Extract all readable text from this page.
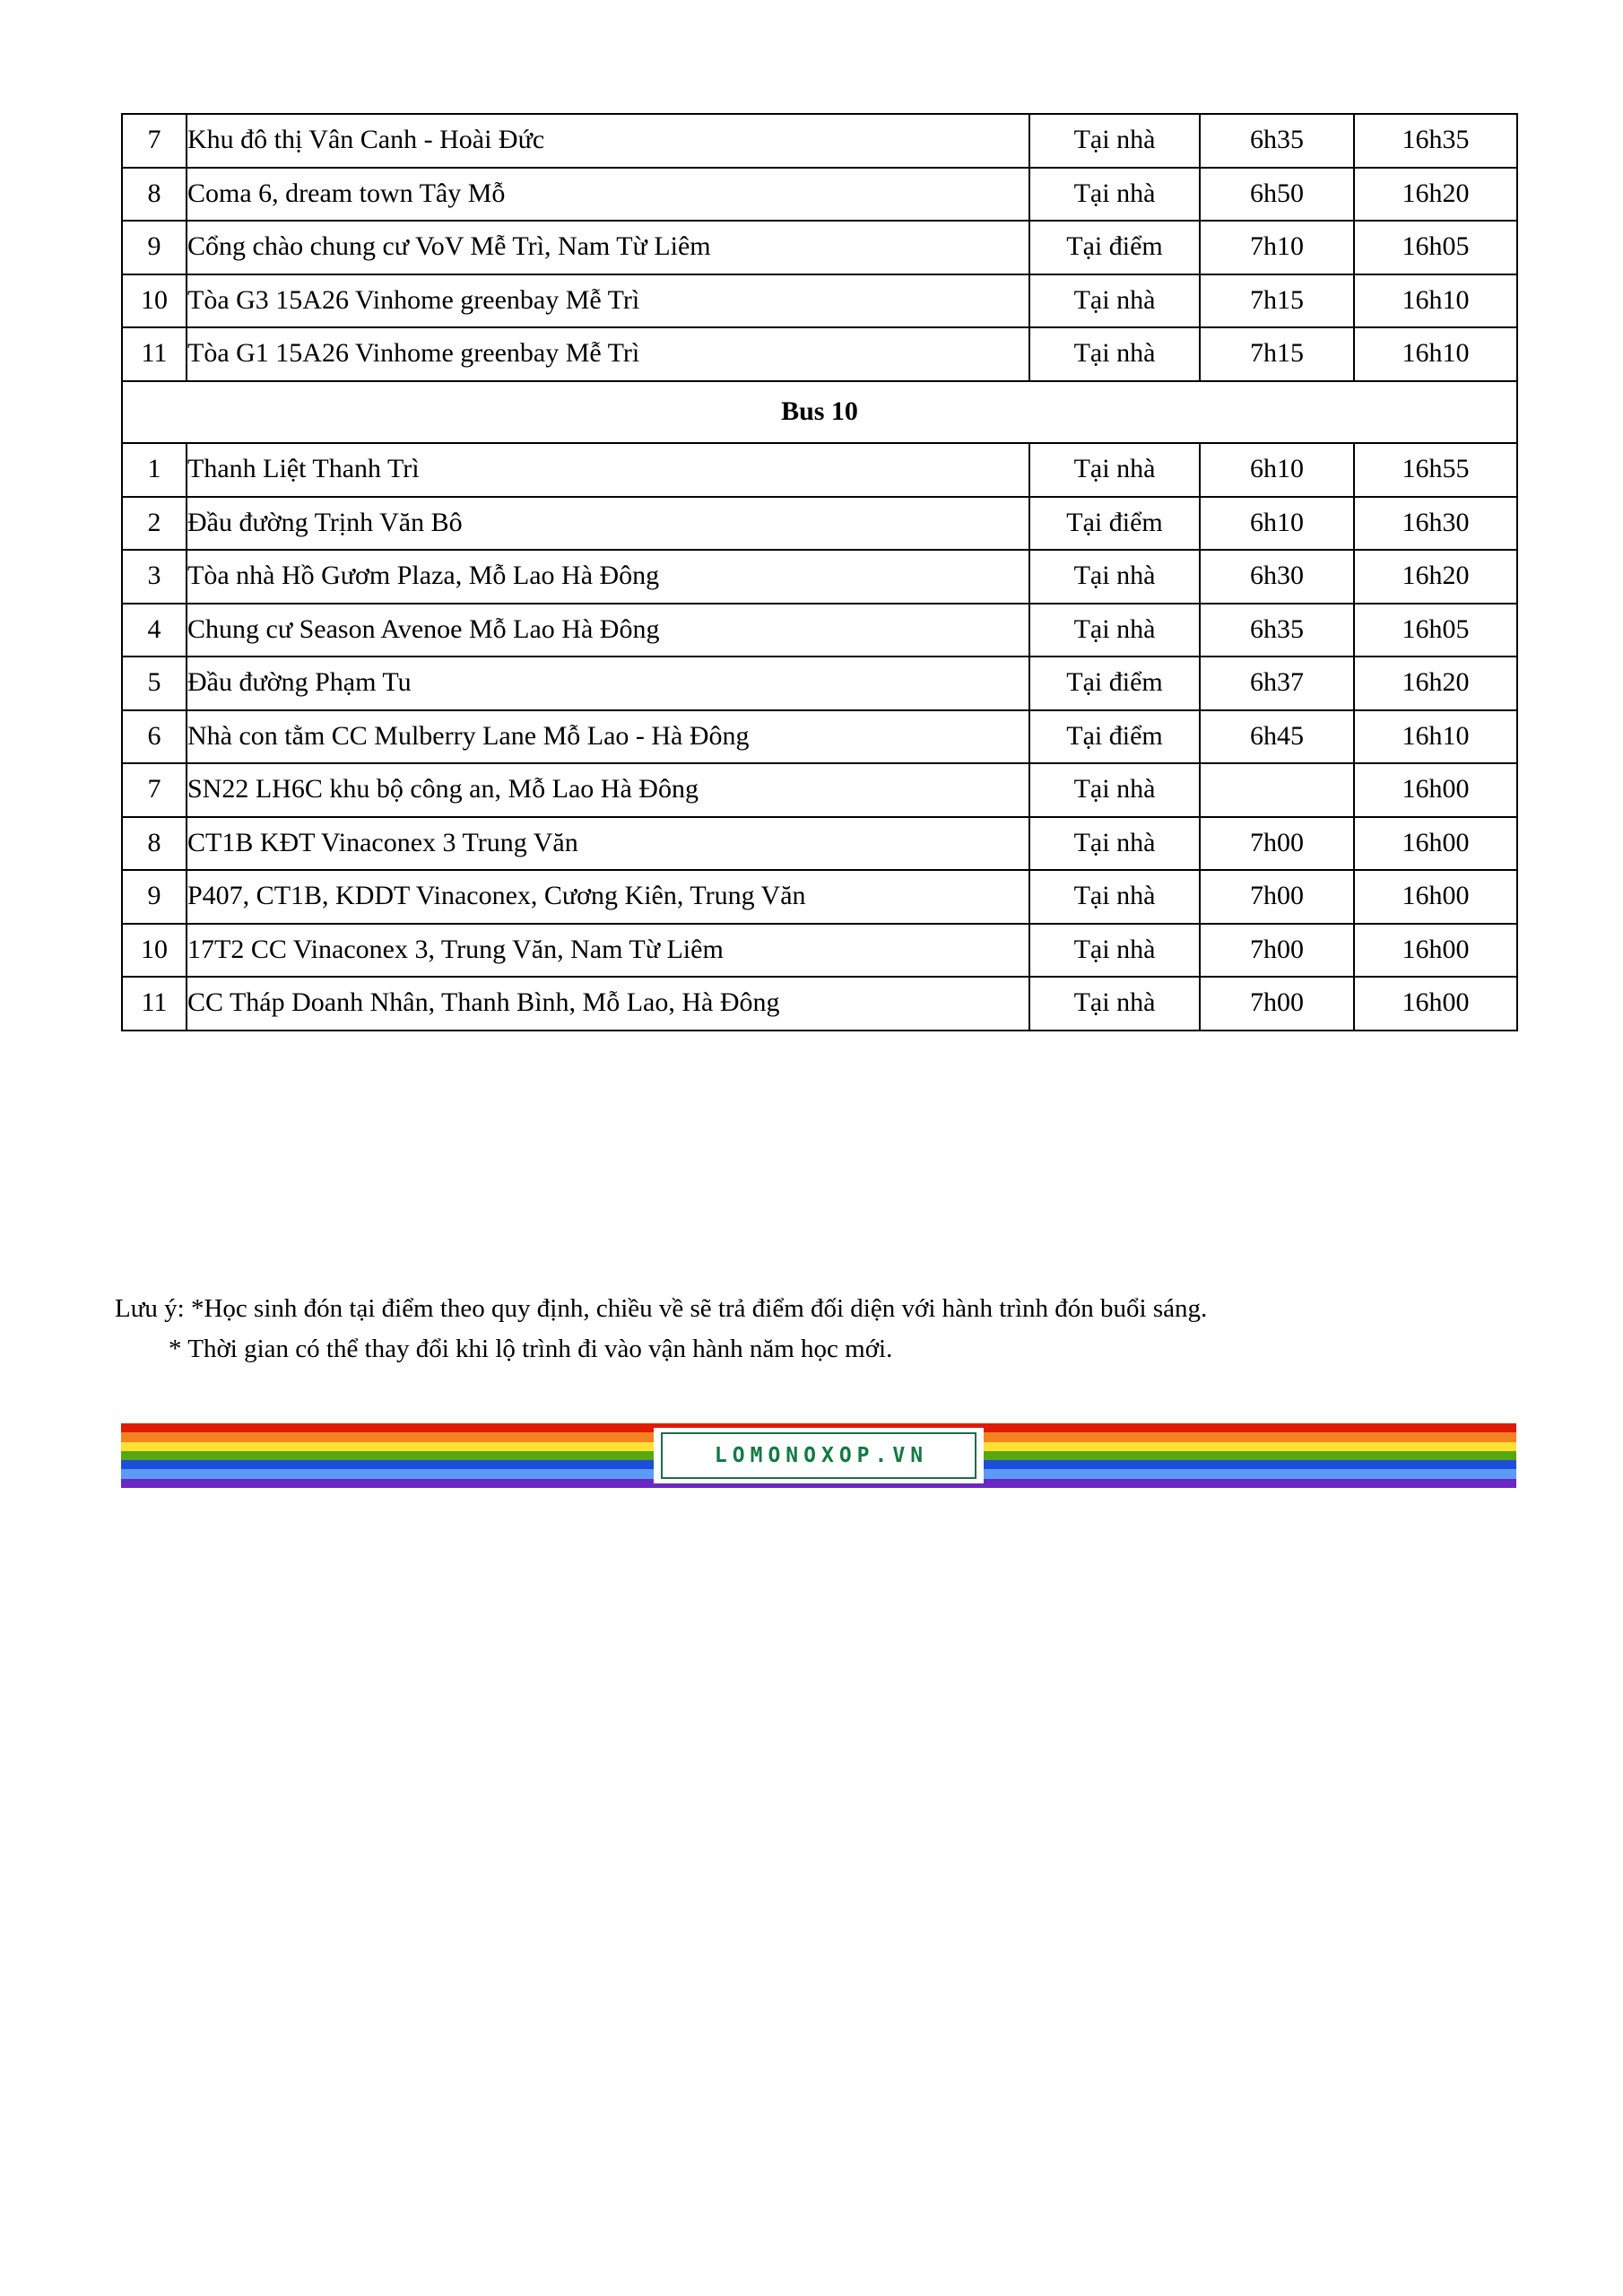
7	Khu đô thị Vân Canh - Hoài Đức	Tại nhà	6h35	16h35
8	Coma 6, dream town Tây Mỗ	Tại nhà	6h50	16h20
9	Cổng chào chung cư VoV Mễ Trì, Nam Từ Liêm	Tại điểm	7h10	16h05
10	Tòa G3 15A26 Vinhome greenbay Mễ Trì	Tại nhà	7h15	16h10
11	Tòa G1 15A26 Vinhome greenbay Mễ Trì	Tại nhà	7h15	16h10
Bus 10				
1	Thanh Liệt Thanh Trì	Tại nhà	6h10	16h55
2	Đầu đường Trịnh Văn Bô	Tại điểm	6h10	16h30
3	Tòa nhà Hồ Gươm Plaza, Mỗ Lao Hà Đông	Tại nhà	6h30	16h20
4	Chung cư Season Avenoe Mỗ Lao Hà Đông	Tại nhà	6h35	16h05
5	Đầu đường Phạm Tu	Tại điểm	6h37	16h20
6	Nhà con tằm CC Mulberry Lane Mỗ Lao - Hà Đông	Tại điểm	6h45	16h10
7	SN22 LH6C khu bộ công an, Mỗ Lao Hà Đông	Tại nhà		16h00
8	CT1B KĐT Vinaconex 3 Trung Văn	Tại nhà	7h00	16h00
9	P407, CT1B, KDDT Vinaconex, Cương Kiên, Trung Văn	Tại nhà	7h00	16h00
10	17T2 CC Vinaconex 3, Trung Văn, Nam Từ Liêm	Tại nhà	7h00	16h00
11	CC Tháp Doanh Nhân, Thanh Bình, Mỗ Lao, Hà Đông	Tại nhà	7h00	16h00
Lưu ý: *Học sinh đón tại điểm theo quy định, chiều về sẽ trả điểm đối diện với hành trình đón buổi sáng.
* Thời gian có thể thay đổi khi lộ trình đi vào vận hành năm học mới.
LOMONOXOP.VN
